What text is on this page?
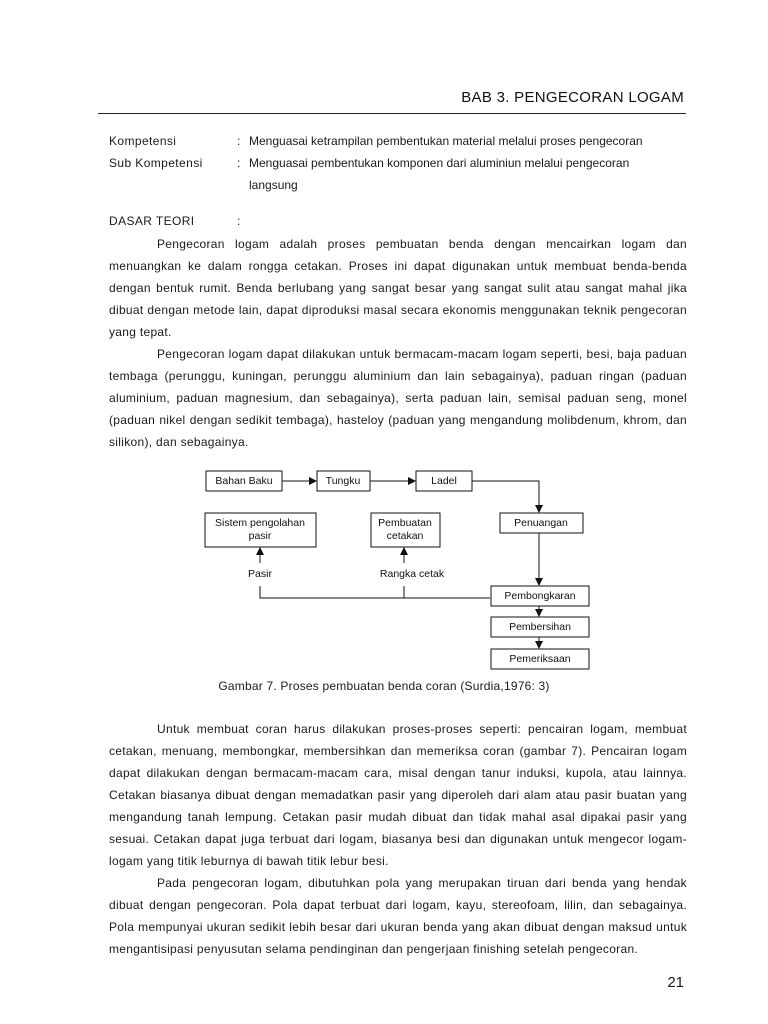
BAB 3. PENGECORAN LOGAM
Kompetensi	: Menguasai ketrampilan pembentukan material melalui proses pengecoran
Sub Kompetensi	: Menguasai pembentukan komponen dari aluminiun melalui pengecoran
langsung
DASAR TEORI	:

Pengecoran logam adalah proses pembuatan benda dengan mencairkan logam dan menuangkan ke dalam rongga cetakan. Proses ini dapat digunakan untuk membuat benda-benda dengan bentuk rumit. Benda berlubang yang sangat besar yang sangat sulit atau sangat mahal jika dibuat dengan metode lain, dapat diproduksi masal secara ekonomis menggunakan teknik pengecoran yang tepat.

Pengecoran logam dapat dilakukan untuk bermacam-macam logam seperti, besi, baja paduan tembaga (perunggu, kuningan, perunggu aluminium dan lain sebagainya), paduan ringan (paduan aluminium, paduan magnesium, dan sebagainya), serta paduan lain, semisal paduan seng, monel (paduan nikel dengan sedikit tembaga), hasteloy (paduan yang mengandung molibdenum, khrom, dan silikon), dan sebagainya.

Bahan Baku	Tungku	Ladel
Sistem pengolahan
pasir
Pembuatan
cetakan
Penuangan
Pasir	Rangka cetak
Pembongkaran
Pembersihan
Pemeriksaan
Gambar 7. Proses pembuatan benda coran (Surdia,1976: 3)

Untuk membuat coran harus dilakukan proses-proses seperti: pencairan logam, membuat cetakan, menuang, membongkar, membersihkan dan memeriksa coran (gambar 7). Pencairan logam dapat dilakukan dengan bermacam-macam cara, misal dengan tanur induksi, kupola, atau lainnya. Cetakan biasanya dibuat dengan memadatkan pasir yang diperoleh dari alam atau pasir buatan yang mengandung tanah lempung. Cetakan pasir mudah dibuat dan tidak mahal asal dipakai pasir yang sesuai. Cetakan dapat juga terbuat dari logam, biasanya besi dan digunakan untuk mengecor logam-logam yang titik leburnya di bawah titik lebur besi.

Pada pengecoran logam, dibutuhkan pola yang merupakan tiruan dari benda yang hendak dibuat dengan pengecoran. Pola dapat terbuat dari logam, kayu, stereofoam, lilin, dan sebagainya. Pola mempunyai ukuran sedikit lebih besar dari ukuran benda yang akan dibuat dengan maksud untuk mengantisipasi penyusutan selama pendinginan dan pengerjaan finishing setelah pengecoran.

21
